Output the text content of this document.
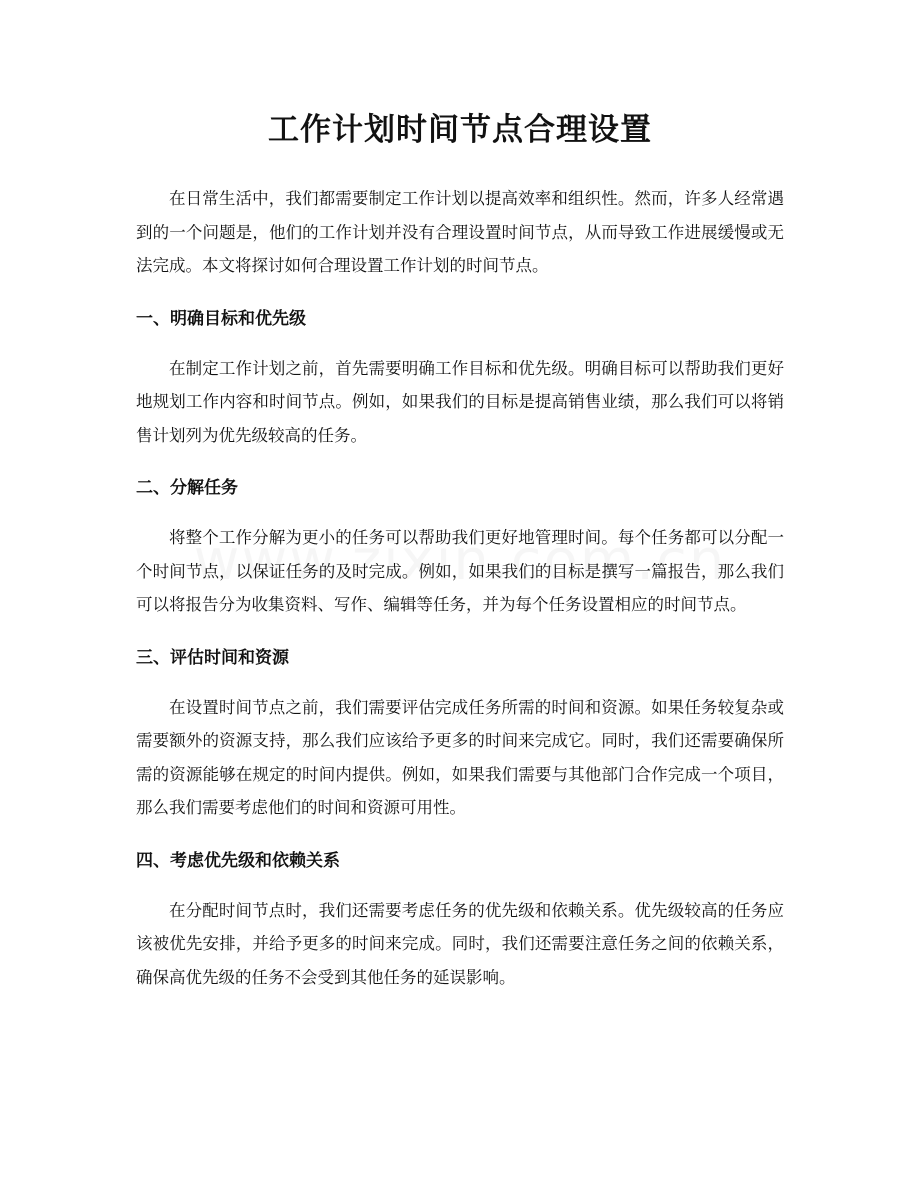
工作计划时间节点合理设置

在日常生活中，我们都需要制定工作计划以提高效率和组织性。然而，许多人经常遇到的一个问题是，他们的工作计划并没有合理设置时间节点，从而导致工作进展缓慢或无法完成。本文将探讨如何合理设置工作计划的时间节点。

一、明确目标和优先级

在制定工作计划之前，首先需要明确工作目标和优先级。明确目标可以帮助我们更好地规划工作内容和时间节点。例如，如果我们的目标是提高销售业绩，那么我们可以将销售计划列为优先级较高的任务。

二、分解任务

将整个工作分解为更小的任务可以帮助我们更好地管理时间。每个任务都可以分配一个时间节点，以保证任务的及时完成。例如，如果我们的目标是撰写一篇报告，那么我们可以将报告分为收集资料、写作、编辑等任务，并为每个任务设置相应的时间节点。

三、评估时间和资源

在设置时间节点之前，我们需要评估完成任务所需的时间和资源。如果任务较复杂或需要额外的资源支持，那么我们应该给予更多的时间来完成它。同时，我们还需要确保所需的资源能够在规定的时间内提供。例如，如果我们需要与其他部门合作完成一个项目，那么我们需要考虑他们的时间和资源可用性。

四、考虑优先级和依赖关系

在分配时间节点时，我们还需要考虑任务的优先级和依赖关系。优先级较高的任务应该被优先安排，并给予更多的时间来完成。同时，我们还需要注意任务之间的依赖关系，确保高优先级的任务不会受到其他任务的延误影响。
